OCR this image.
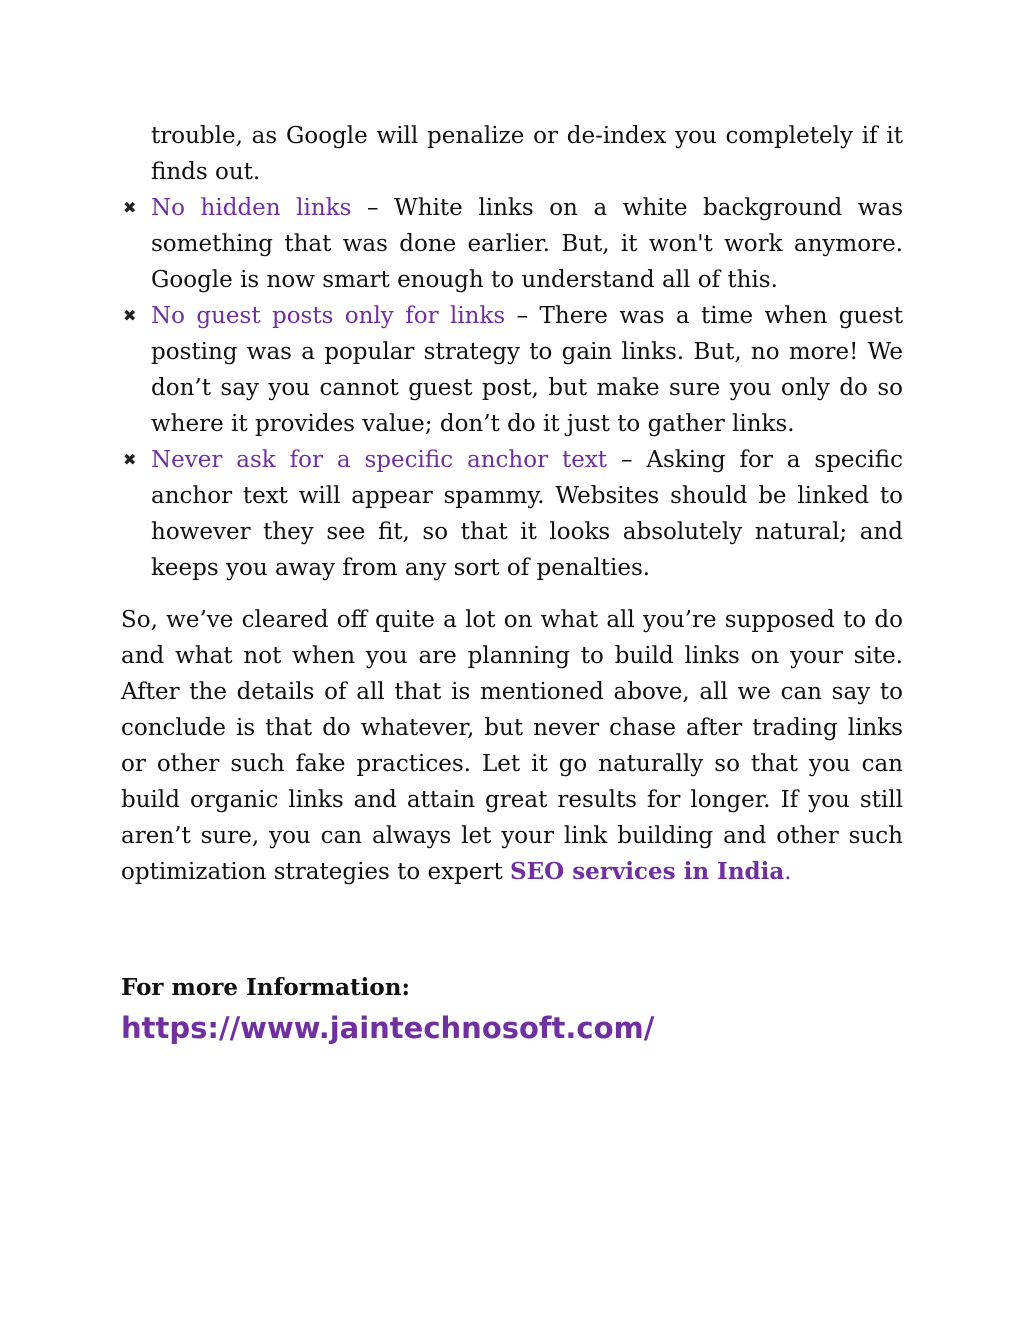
trouble, as Google will penalize or de-index you completely if it finds out.
✖ No hidden links – White links on a white background was something that was done earlier. But, it won't work anymore. Google is now smart enough to understand all of this.
✖ No guest posts only for links – There was a time when guest posting was a popular strategy to gain links. But, no more! We don’t say you cannot guest post, but make sure you only do so where it provides value; don’t do it just to gather links.
✖ Never ask for a specific anchor text – Asking for a specific anchor text will appear spammy. Websites should be linked to however they see fit, so that it looks absolutely natural; and keeps you away from any sort of penalties.

So, we’ve cleared off quite a lot on what all you’re supposed to do and what not when you are planning to build links on your site. After the details of all that is mentioned above, all we can say to conclude is that do whatever, but never chase after trading links or other such fake practices. Let it go naturally so that you can build organic links and attain great results for longer. If you still aren’t sure, you can always let your link building and other such optimization strategies to expert SEO services in India.

For more Information: https://www.jaintechnosoft.com/
